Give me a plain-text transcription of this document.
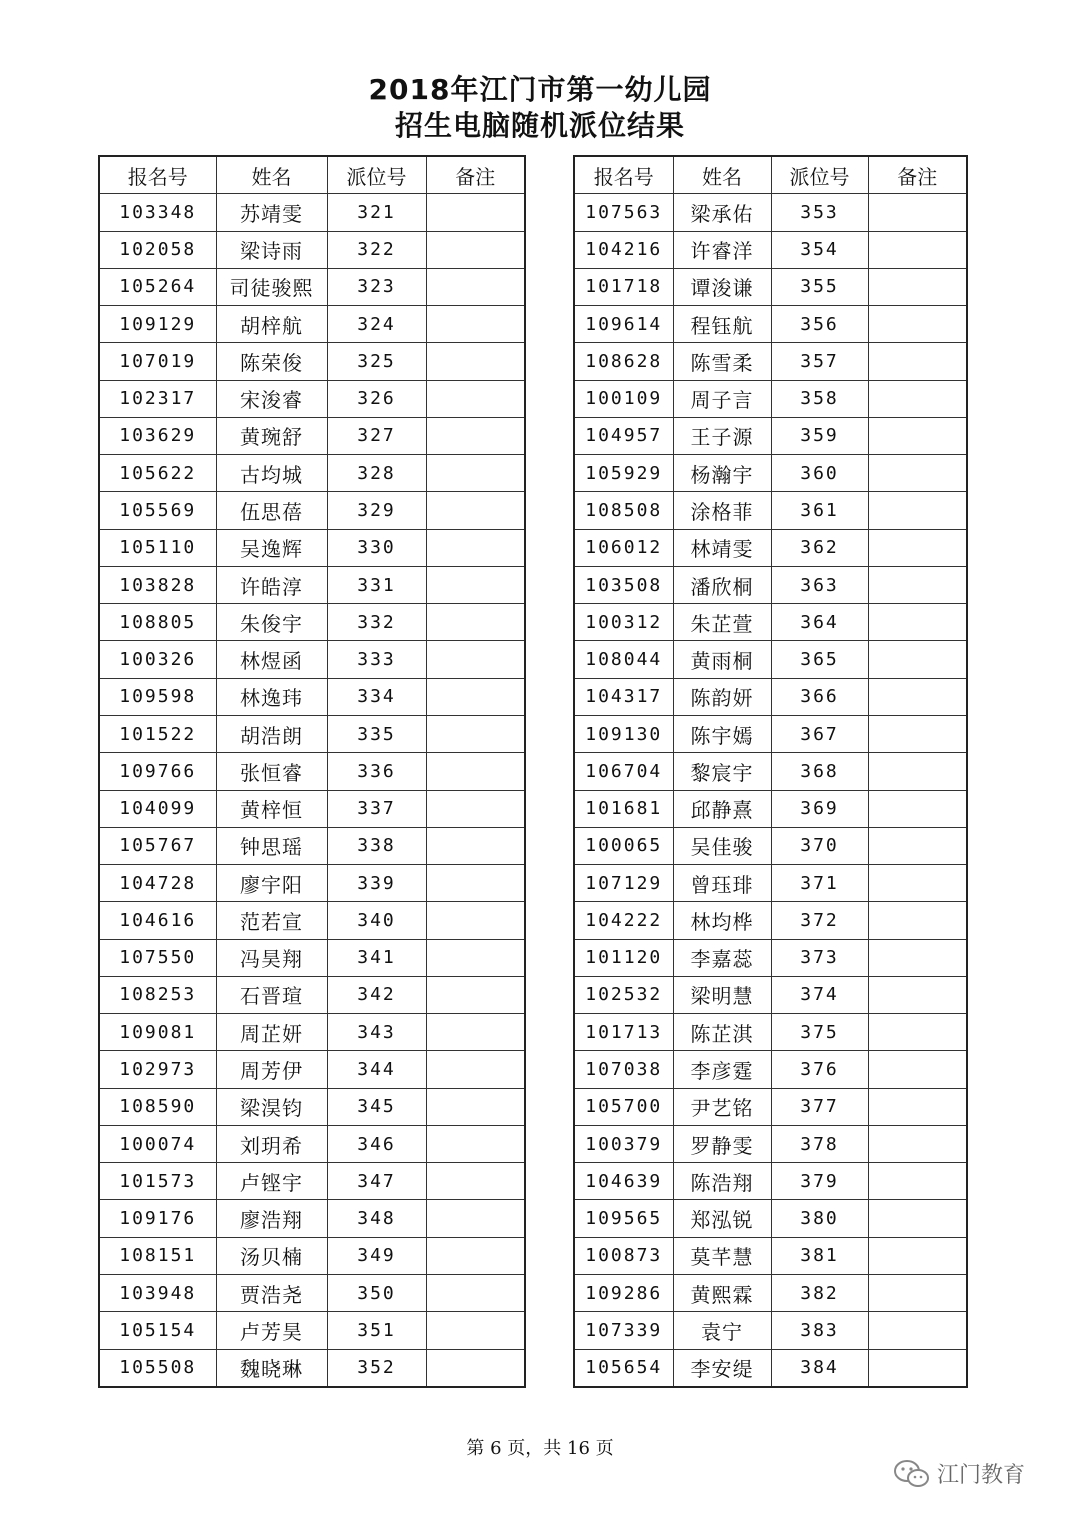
2018年江门市第一幼儿园
招生电脑随机派位结果
报名号	姓名	派位号	备注
103348	苏靖雯	321	
102058	梁诗雨	322	
105264	司徒骏熙	323	
109129	胡梓航	324	
107019	陈荣俊	325	
102317	宋浚睿	326	
103629	黄琬舒	327	
105622	古均城	328	
105569	伍思蓓	329	
105110	吴逸辉	330	
103828	许皓淳	331	
108805	朱俊宇	332	
100326	林煜函	333	
109598	林逸玮	334	
101522	胡浩朗	335	
109766	张恒睿	336	
104099	黄梓恒	337	
105767	钟思瑶	338	
104728	廖宇阳	339	
104616	范若宣	340	
107550	冯昊翔	341	
108253	石晋瑄	342	
109081	周芷妍	343	
102973	周芳伊	344	
108590	梁淏钧	345	
100074	刘玥希	346	
101573	卢铿宇	347	
109176	廖浩翔	348	
108151	汤贝楠	349	
103948	贾浩尧	350	
105154	卢芳昊	351	
105508	魏晓琳	352	
报名号	姓名	派位号	备注
107563	梁承佑	353	
104216	许睿洋	354	
101718	谭浚谦	355	
109614	程钰航	356	
108628	陈雪柔	357	
100109	周子言	358	
104957	王子源	359	
105929	杨瀚宇	360	
108508	涂格菲	361	
106012	林靖雯	362	
103508	潘欣桐	363	
100312	朱芷萱	364	
108044	黄雨桐	365	
104317	陈韵妍	366	
109130	陈宇嫣	367	
106704	黎宸宇	368	
101681	邱静熹	369	
100065	吴佳骏	370	
107129	曾珏琲	371	
104222	林均桦	372	
101120	李嘉蕊	373	
102532	梁明慧	374	
101713	陈芷淇	375	
107038	李彦霆	376	
105700	尹艺铭	377	
100379	罗静雯	378	
104639	陈浩翔	379	
109565	郑泓锐	380	
100873	莫芊慧	381	
109286	黄熙霖	382	
107339	袁宁	383	
105654	李安缇	384	
第 6 页，共 16 页
江门教育
